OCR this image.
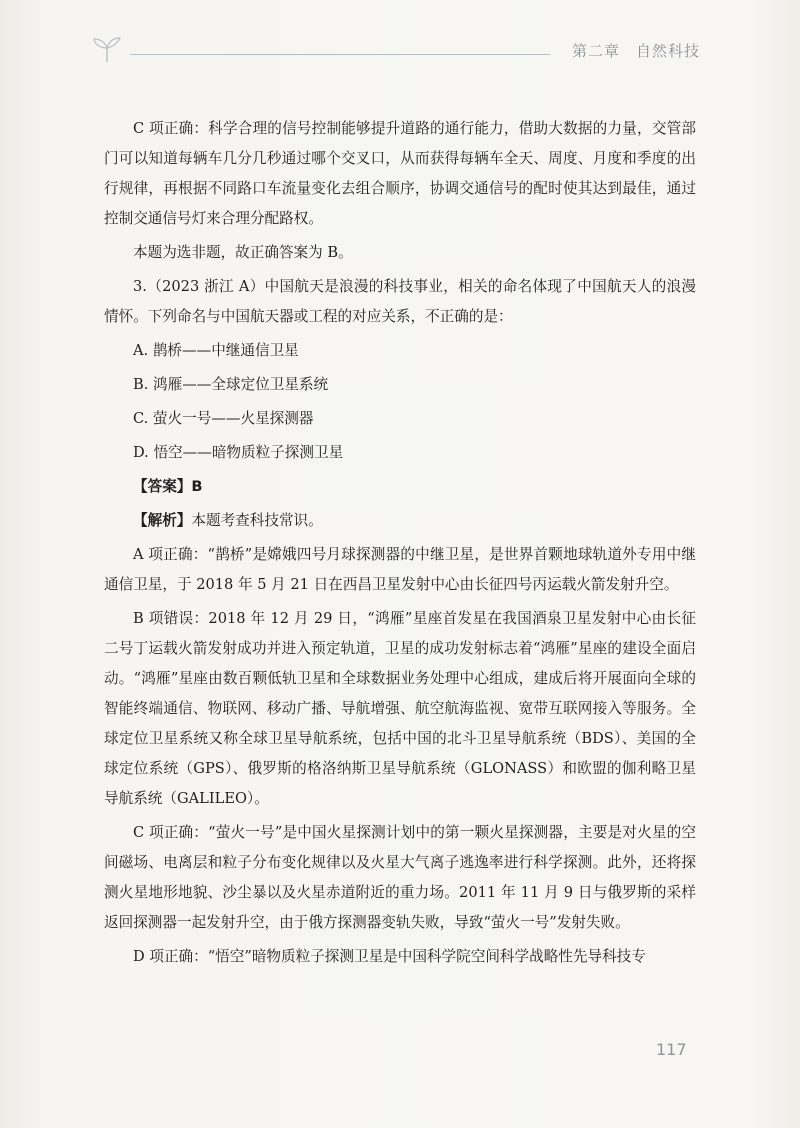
第二章　自然科技

C 项正确：科学合理的信号控制能够提升道路的通行能力，借助大数据的力量，交管部门可以知道每辆车几分几秒通过哪个交叉口，从而获得每辆车全天、周度、月度和季度的出行规律，再根据不同路口车流量变化去组合顺序，协调交通信号的配时使其达到最佳，通过控制交通信号灯来合理分配路权。

本题为选非题，故正确答案为 B。

3.（2023 浙江 A）中国航天是浪漫的科技事业，相关的命名体现了中国航天人的浪漫情怀。下列命名与中国航天器或工程的对应关系，不正确的是：

A. 鹊桥——中继通信卫星

B. 鸿雁——全球定位卫星系统

C. 萤火一号——火星探测器

D. 悟空——暗物质粒子探测卫星

【答案】B

【解析】本题考查科技常识。

A 项正确：“鹊桥”是嫦娥四号月球探测器的中继卫星，是世界首颗地球轨道外专用中继通信卫星，于 2018 年 5 月 21 日在西昌卫星发射中心由长征四号丙运载火箭发射升空。

B 项错误：2018 年 12 月 29 日，“鸿雁”星座首发星在我国酒泉卫星发射中心由长征二号丁运载火箭发射成功并进入预定轨道，卫星的成功发射标志着“鸿雁”星座的建设全面启动。“鸿雁”星座由数百颗低轨卫星和全球数据业务处理中心组成，建成后将开展面向全球的智能终端通信、物联网、移动广播、导航增强、航空航海监视、宽带互联网接入等服务。全球定位卫星系统又称全球卫星导航系统，包括中国的北斗卫星导航系统（BDS）、美国的全球定位系统（GPS）、俄罗斯的格洛纳斯卫星导航系统（GLONASS）和欧盟的伽利略卫星导航系统（GALILEO）。

C 项正确：“萤火一号”是中国火星探测计划中的第一颗火星探测器，主要是对火星的空间磁场、电离层和粒子分布变化规律以及火星大气离子逃逸率进行科学探测。此外，还将探测火星地形地貌、沙尘暴以及火星赤道附近的重力场。2011 年 11 月 9 日与俄罗斯的采样返回探测器一起发射升空，由于俄方探测器变轨失败，导致“萤火一号”发射失败。

D 项正确：“悟空”暗物质粒子探测卫星是中国科学院空间科学战略性先导科技专

117
